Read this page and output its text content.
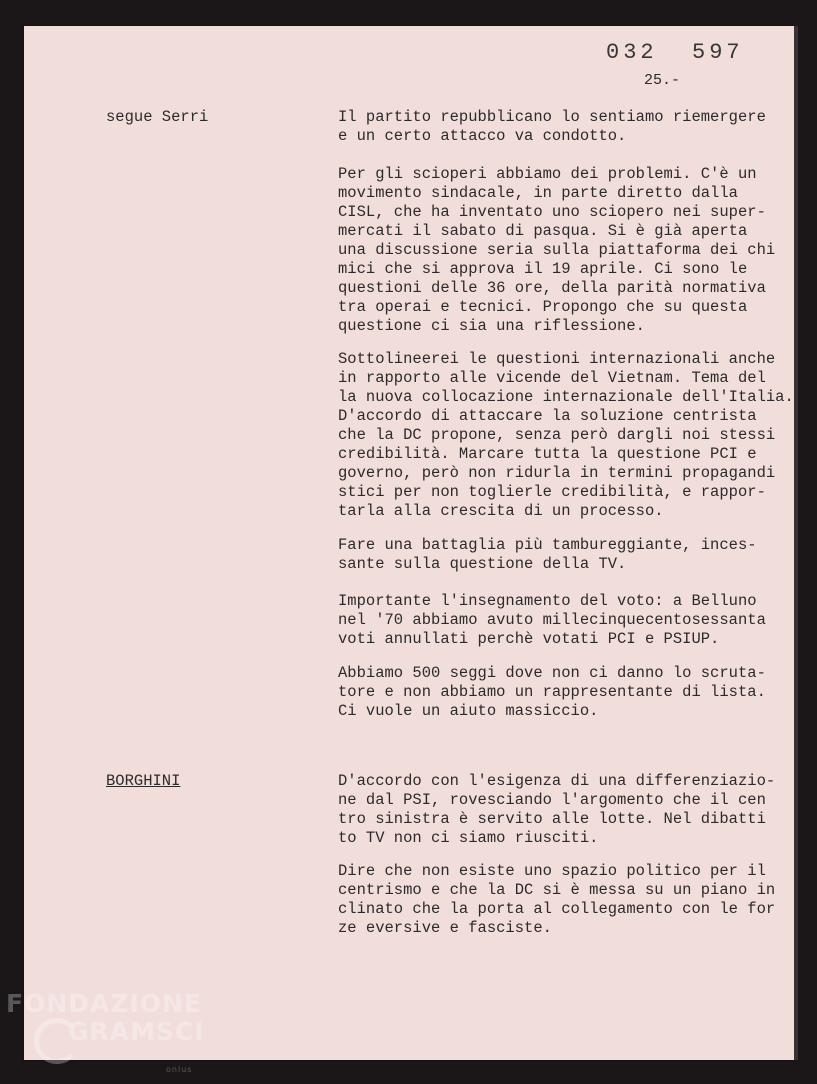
032  597
25.-
segue Serri	Il partito repubblicano lo sentiamo riemergere
e un certo attacco va condotto.

Per gli scioperi abbiamo dei problemi. C'è un
movimento sindacale, in parte diretto dalla
CISL, che ha inventato uno sciopero nei super-
mercati il sabato di pasqua. Si è già aperta
una discussione seria sulla piattaforma dei chi
mici che si approva il 19 aprile. Ci sono le
questioni delle 36 ore, della parità normativa
tra operai e tecnici. Propongo che su questa
questione ci sia una riflessione.

Sottolineerei le questioni internazionali anche
in rapporto alle vicende del Vietnam. Tema del
la nuova collocazione internazionale dell'Italia.
D'accordo di attaccare la soluzione centrista
che la DC propone, senza però dargli noi stessi
credibilità. Marcare tutta la questione PCI e
governo, però non ridurla in termini propagandi
stici per non toglierle credibilità, e rappor-
tarla alla crescita di un processo.

Fare una battaglia più tambureggiante, inces-
sante sulla questione della TV.

Importante l'insegnamento del voto: a Belluno
nel '70 abbiamo avuto millecinquecentosessanta
voti annullati perchè votati PCI e PSIUP.

Abbiamo 500 seggi dove non ci danno lo scruta-
tore e non abbiamo un rappresentante di lista.
Ci vuole un aiuto massiccio.

BORGHINI	D'accordo con l'esigenza di una differenziazio-
ne dal PSI, rovesciando l'argomento che il cen
tro sinistra è servito alle lotte. Nel dibatti
to TV non ci siamo riusciti.

Dire che non esiste uno spazio politico per il
centrismo e che la DC si è messa su un piano in
clinato che la porta al collegamento con le for
ze eversive e fasciste.

FONDAZIONE
GRAMSCI
onlus
